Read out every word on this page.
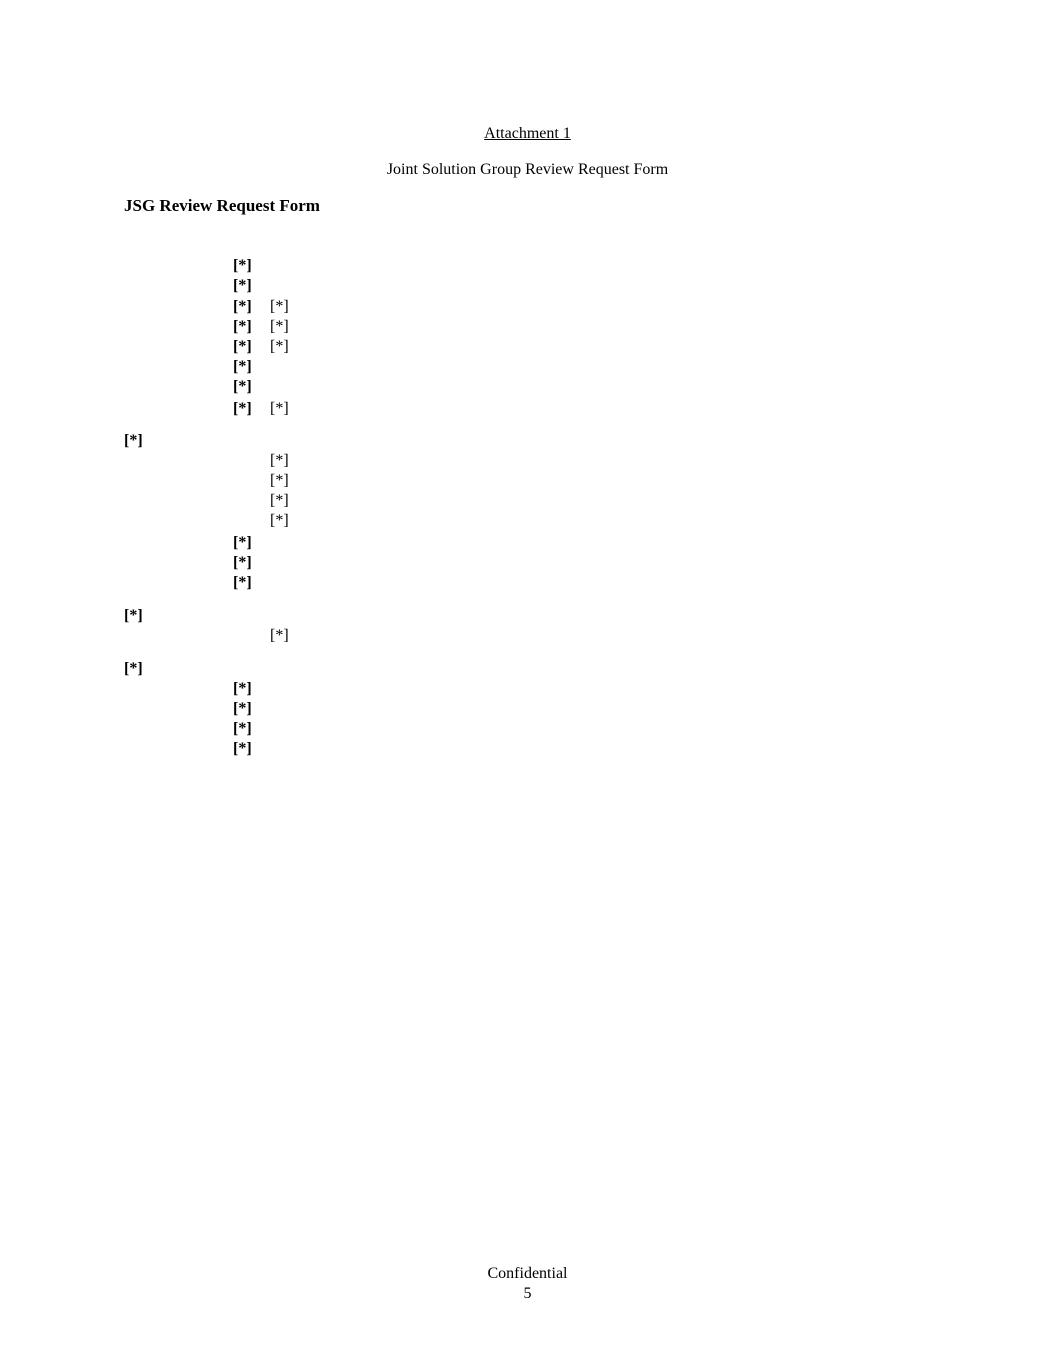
Attachment 1
Joint Solution Group Review Request Form
JSG Review Request Form
[*]
[*]
[*] [*]
[*] [*]
[*] [*]
[*]
[*]
[*] [*]
[*]
[*]
[*]
[*]
[*]
[*]
[*]
[*]
[*]
[*]
[*]
[*]
[*]
[*]
[*]
Confidential
5
